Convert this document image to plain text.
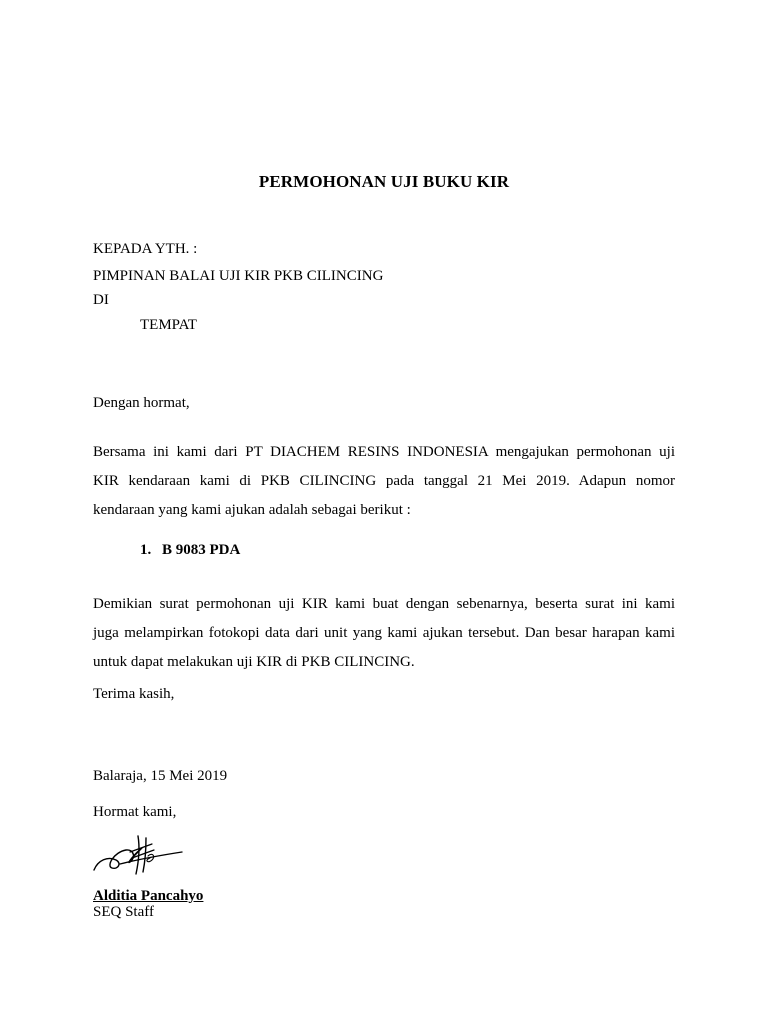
PERMOHONAN UJI BUKU KIR
KEPADA YTH. :
PIMPINAN BALAI UJI KIR PKB CILINCING
DI
TEMPAT
Dengan hormat,
Bersama ini kami dari PT DIACHEM RESINS INDONESIA mengajukan permohonan uji
KIR kendaraan kami di PKB CILINCING pada tanggal 21 Mei 2019. Adapun nomor
kendaraan yang kami ajukan adalah sebagai berikut :
1. B 9083 PDA
Demikian surat permohonan uji KIR kami buat dengan sebenarnya, beserta surat ini kami
juga melampirkan fotokopi data dari unit yang kami ajukan tersebut. Dan besar harapan kami
untuk dapat melakukan uji KIR di PKB CILINCING.
Terima kasih,
Balaraja, 15 Mei 2019
Hormat kami,
Alditia Pancahyo
SEQ Staff
